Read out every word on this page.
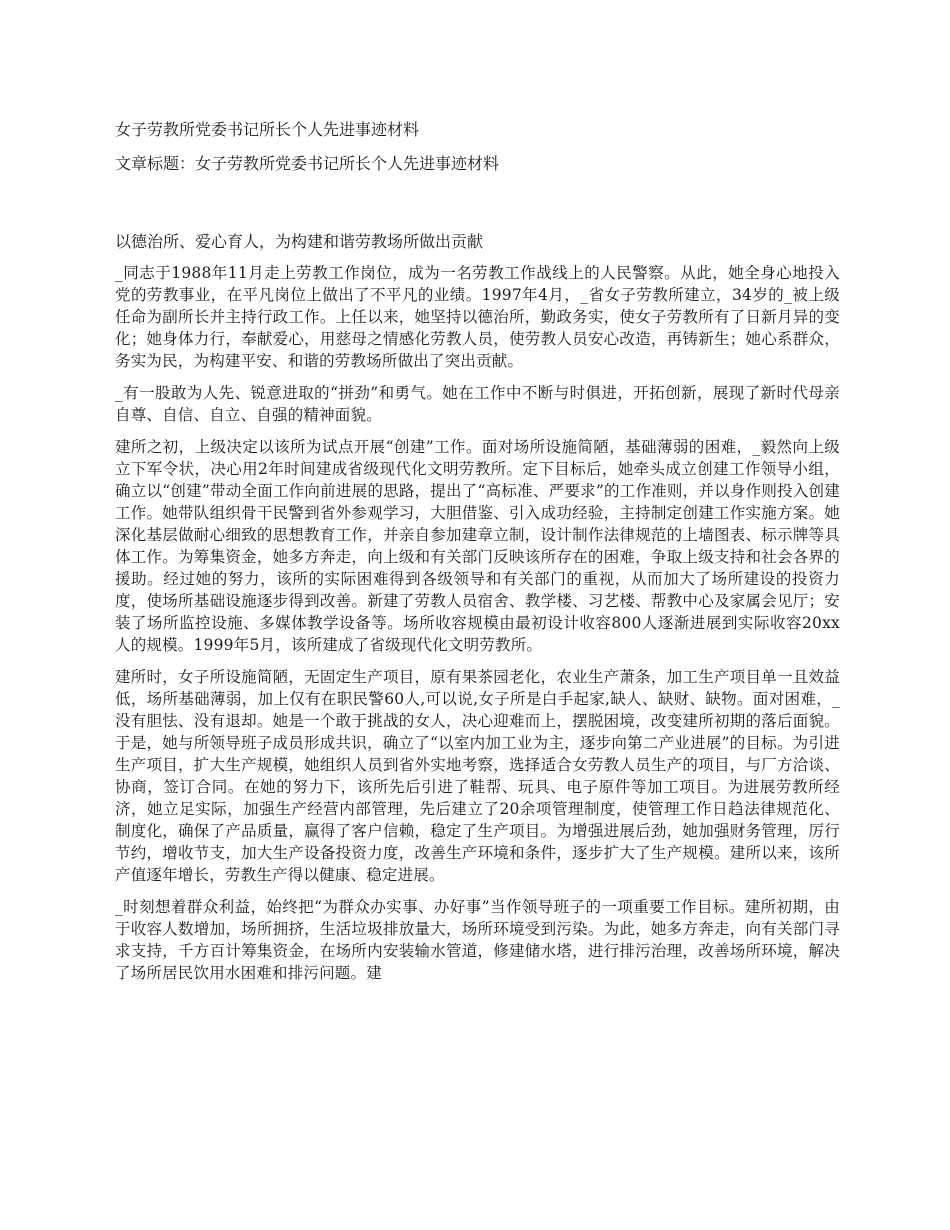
女子劳教所党委书记所长个人先进事迹材料
文章标题：女子劳教所党委书记所长个人先进事迹材料
以德治所、爱心育人，为构建和谐劳教场所做出贡献

_同志于1988年11月走上劳教工作岗位，成为一名劳教工作战线上的人民警察。从此，她全身心地投入党的劳教事业，在平凡岗位上做出了不平凡的业绩。1997年4月，_省女子劳教所建立，34岁的_被上级任命为副所长并主持行政工作。上任以来，她坚持以德治所，勤政务实，使女子劳教所有了日新月异的变化；她身体力行，奉献爱心，用慈母之情感化劳教人员，使劳教人员安心改造，再铸新生；她心系群众，务实为民，为构建平安、和谐的劳教场所做出了突出贡献。

_有一股敢为人先、锐意进取的“拼劲”和勇气。她在工作中不断与时俱进，开拓创新，展现了新时代母亲自尊、自信、自立、自强的精神面貌。

建所之初，上级决定以该所为试点开展“创建”工作。面对场所设施简陋，基础薄弱的困难，_毅然向上级立下军令状，决心用2年时间建成省级现代化文明劳教所。定下目标后，她牵头成立创建工作领导小组，确立以“创建”带动全面工作向前进展的思路，提出了“高标准、严要求”的工作准则，并以身作则投入创建工作。她带队组织骨干民警到省外参观学习，大胆借鉴、引入成功经验，主持制定创建工作实施方案。她深化基层做耐心细致的思想教育工作，并亲自参加建章立制，设计制作法律规范的上墙图表、标示牌等具体工作。为筹集资金，她多方奔走，向上级和有关部门反映该所存在的困难，争取上级支持和社会各界的援助。经过她的努力，该所的实际困难得到各级领导和有关部门的重视，从而加大了场所建设的投资力度，使场所基础设施逐步得到改善。新建了劳教人员宿舍、教学楼、习艺楼、帮教中心及家属会见厅；安装了场所监控设施、多媒体教学设备等。场所收容规模由最初设计收容800人逐渐进展到实际收容20xx人的规模。1999年5月，该所建成了省级现代化文明劳教所。

建所时，女子所设施简陋，无固定生产项目，原有果茶园老化，农业生产萧条，加工生产项目单一且效益低，场所基础薄弱，加上仅有在职民警60人,可以说,女子所是白手起家,缺人、缺财、缺物。面对困难，_没有胆怯、没有退却。她是一个敢于挑战的女人，决心迎难而上，摆脱困境，改变建所初期的落后面貌。于是，她与所领导班子成员形成共识，确立了“以室内加工业为主，逐步向第二产业进展”的目标。为引进生产项目，扩大生产规模，她组织人员到省外实地考察，选择适合女劳教人员生产的项目，与厂方洽谈、协商，签订合同。在她的努力下，该所先后引进了鞋帮、玩具、电子原件等加工项目。为进展劳教所经济，她立足实际，加强生产经营内部管理，先后建立了20余项管理制度，使管理工作日趋法律规范化、制度化，确保了产品质量，赢得了客户信赖，稳定了生产项目。为增强进展后劲，她加强财务管理，厉行节约，增收节支，加大生产设备投资力度，改善生产环境和条件，逐步扩大了生产规模。建所以来，该所产值逐年增长，劳教生产得以健康、稳定进展。

_时刻想着群众利益，始终把“为群众办实事、办好事”当作领导班子的一项重要工作目标。建所初期，由于收容人数增加，场所拥挤，生活垃圾排放量大，场所环境受到污染。为此，她多方奔走，向有关部门寻求支持，千方百计筹集资金，在场所内安装输水管道，修建储水塔，进行排污治理，改善场所环境，解决了场所居民饮用水困难和排污问题。建
